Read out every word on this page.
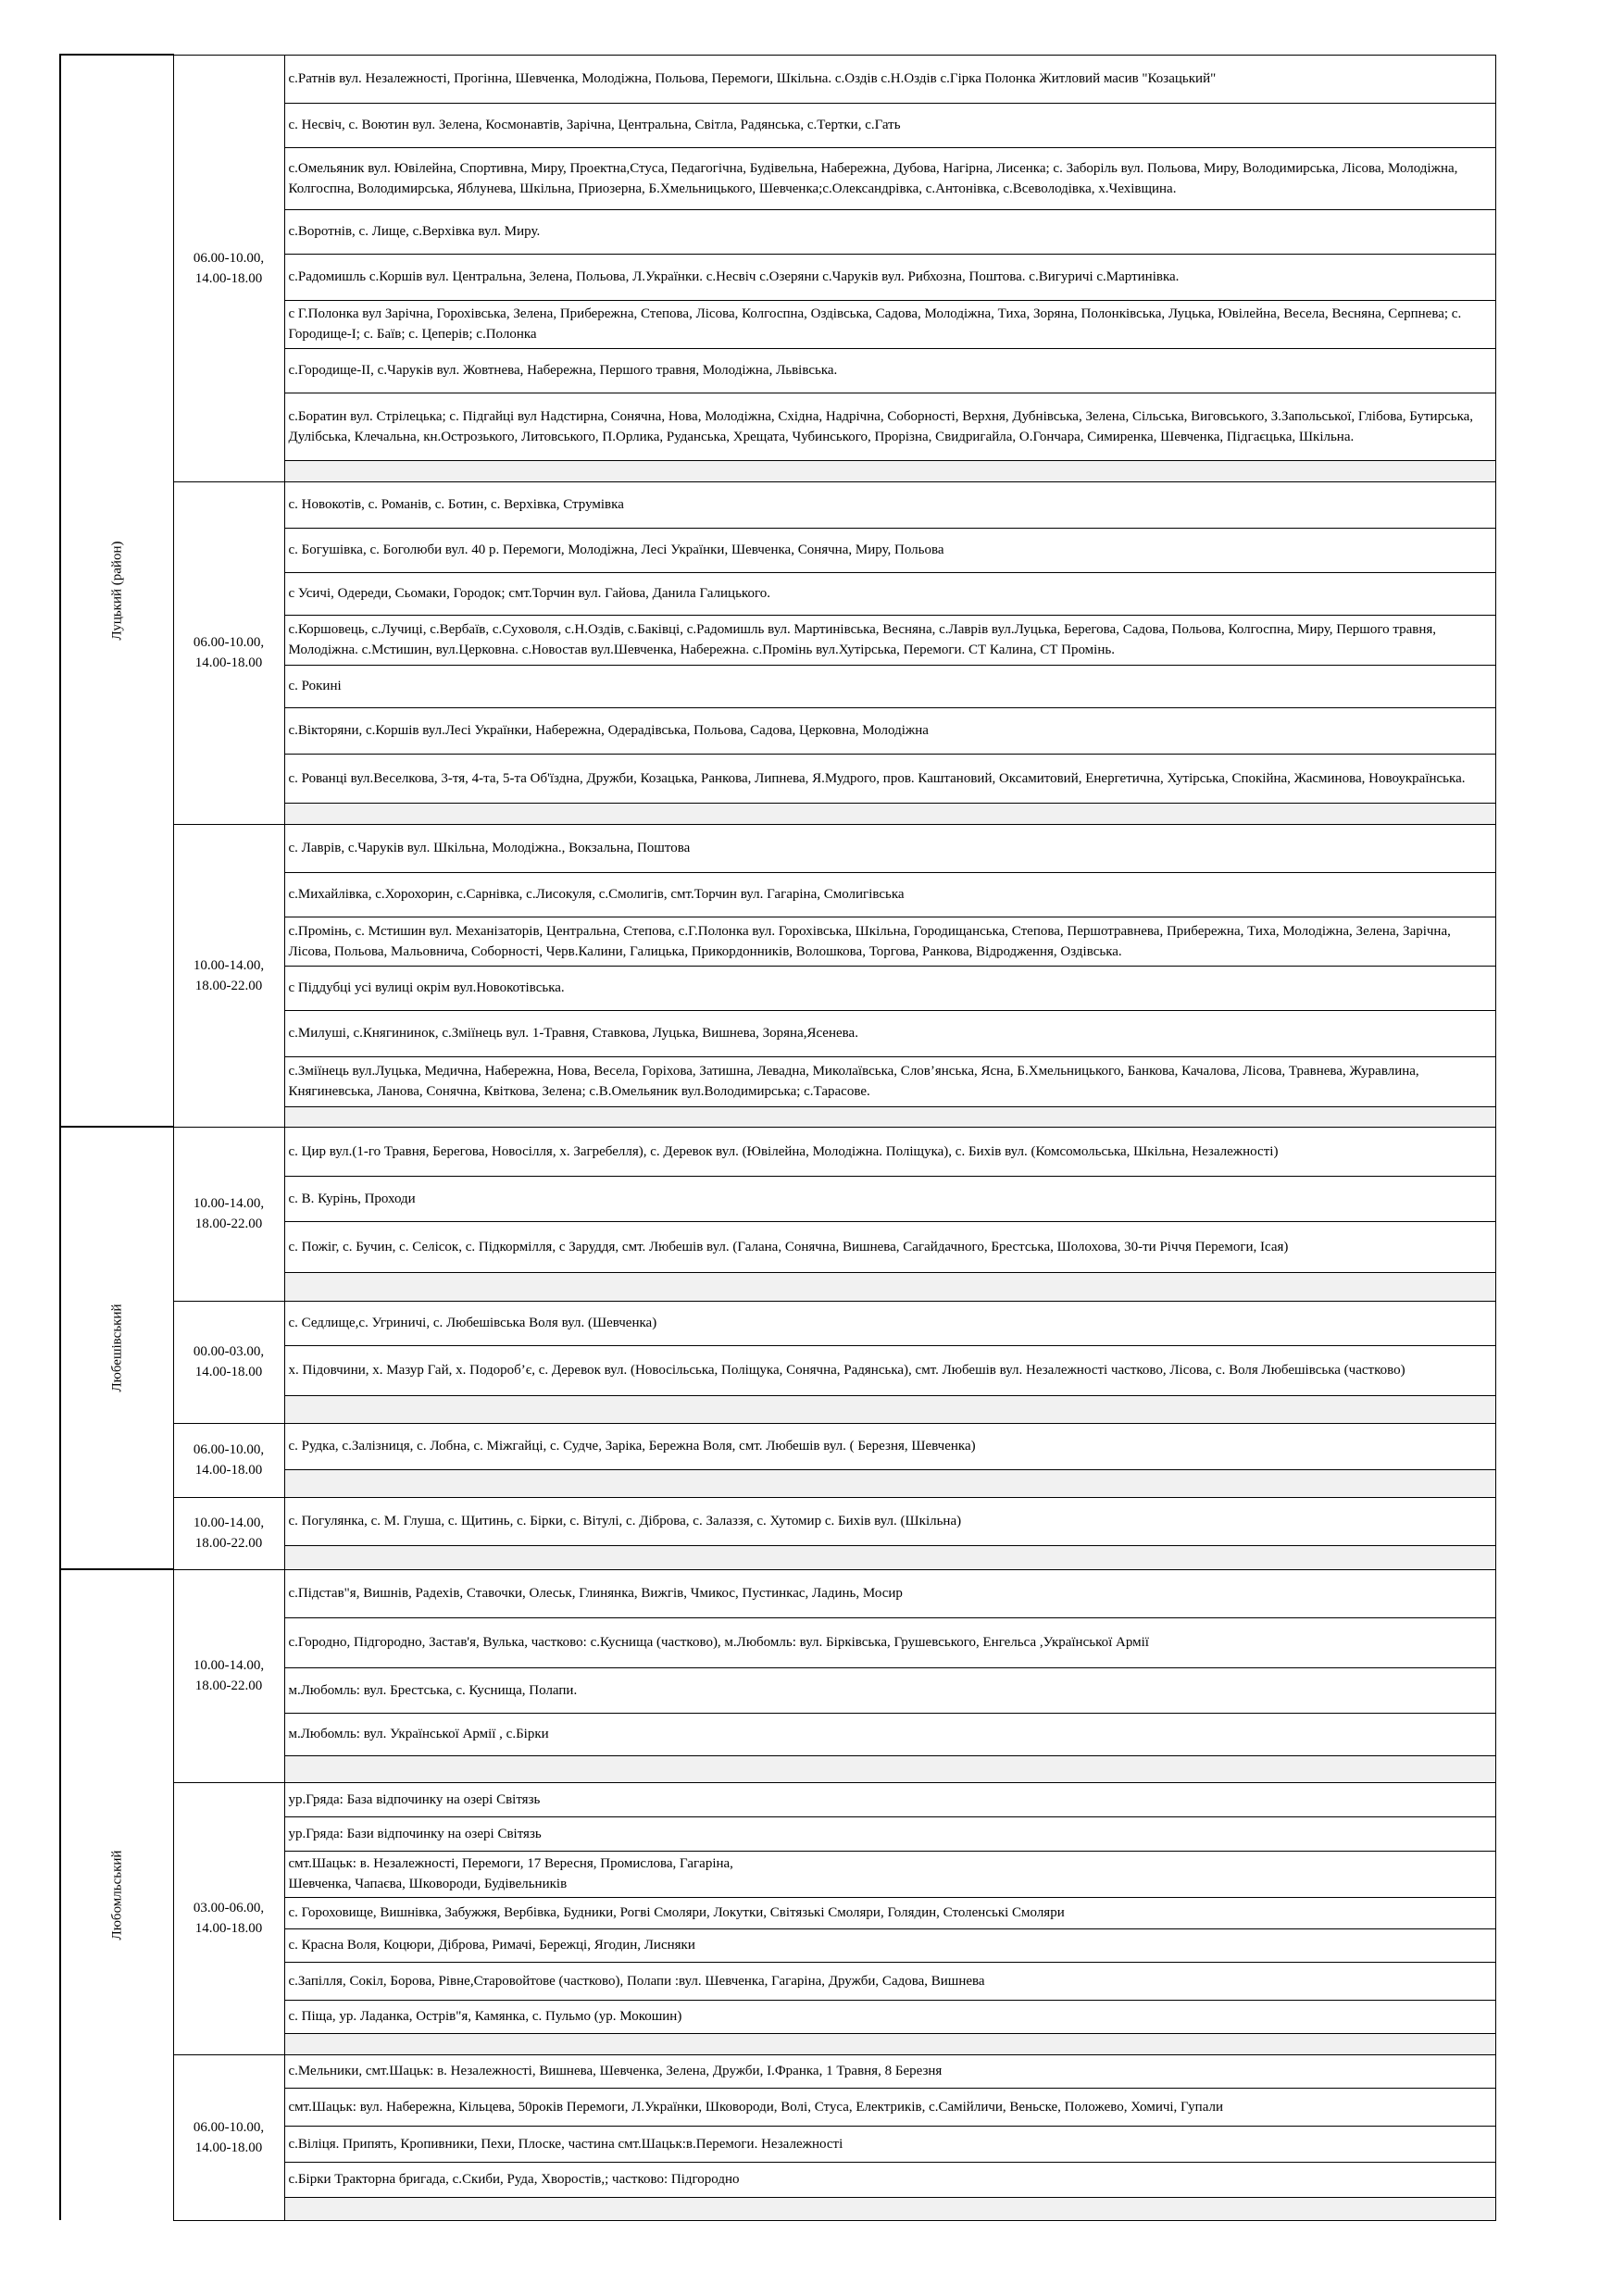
Луцький (район)	06.00-10.00,
14.00-18.00	с.Ратнів вул. Незалежності, Прогінна, Шевченка, Молодіжна, Польова, Перемоги, Шкільна. с.Оздів с.Н.Оздів с.Гірка Полонка Житловий масив "Козацький"

		с. Несвіч, с. Воютин вул. Зелена, Космонавтів, Зарічна, Центральна, Світла, Радянська, с.Тертки, с.Гать

		с.Омельяник вул. Ювілейна, Спортивна, Миру, Проектна,Стуса, Педагогічна, Будівельна, Набережна, Дубова, Нагірна, Лисенка; с. Заборіль вул. Польова, Миру, Володимирська, Лісова, Молодіжна, Колгоспна, Володимирська, Яблунева, Шкільна, Приозерна, Б.Хмельницького, Шевченка;с.Олександрівка, с.Антонівка, с.Всеволодівка, х.Чехівщина.

		с.Воротнів, с. Лище, с.Верхівка вул. Миру.

		с.Радомишль с.Коршів вул. Центральна, Зелена, Польова, Л.Українки. с.Несвіч с.Озеряни с.Чаруків вул. Рибхозна, Поштова. с.Вигуричі с.Мартинівка.

		с Г.Полонка вул Зарічна, Горохівська, Зелена, Прибережна, Степова, Лісова, Колгоспна, Оздівська, Садова, Молодіжна, Тиха, Зоряна, Полонківська, Луцька, Ювілейна, Весела, Весняна, Серпнева; с. Городище-І; с. Баїв; с. Цеперів; с.Полонка

		с.Городище-ІІ, с.Чаруків вул. Жовтнева, Набережна, Першого травня, Молодіжна, Львівська.

		с.Боратин вул. Стрілецька; с. Підгайці вул Надстирна, Сонячна, Нова, Молодіжна, Східна, Надрічна, Соборності, Верхня, Дубнівська, Зелена, Сільська, Виговського, З.Запольської, Глібова, Бутирська, Дулібська, Клечальна, кн.Острозького, Литовського, П.Орлика, Руданська, Хрещата, Чубинського, Прорізна, Свидригайла, О.Гончара, Симиренка, Шевченка, Підгаєцька, Шкільна.

	06.00-10.00,
14.00-18.00	с. Новокотів, с. Романів, с. Ботин, с. Верхівка, Струмівка

		с. Богушівка, с. Боголюби вул. 40 р. Перемоги, Молодіжна, Лесі Українки, Шевченка, Сонячна, Миру, Польова

		с Усичі, Одереди, Сьомаки, Городок; смт.Торчин вул. Гайова, Данила Галицького.

		с.Коршовець, с.Лучиці, с.Вербаїв, с.Суховоля, с.Н.Оздів, с.Баківці, с.Радомишль вул. Мартинівська, Весняна, с.Лаврів вул.Луцька, Берегова, Садова, Польова, Колгоспна, Миру, Першого травня, Молодіжна. с.Мстишин, вул.Церковна. с.Новостав вул.Шевченка, Набережна. с.Промінь вул.Хутірська, Перемоги. СТ Калина, СТ Промінь.

		с. Рокині

		с.Вікторяни, с.Коршів вул.Лесі Українки, Набережна, Одерадівська, Польова, Садова, Церковна, Молодіжна

		с. Рованці вул.Веселкова, 3-тя, 4-та, 5-та Об'їздна, Дружби, Козацька, Ранкова, Липнева, Я.Мудрого, пров. Каштановий, Оксамитовий, Енергетична, Хутірська, Спокійна, Жасминова, Новоукраїнська.

	10.00-14.00,
18.00-22.00	с. Лаврів, с.Чаруків вул. Шкільна, Молодіжна., Вокзальна, Поштова

		с.Михайлівка, с.Хорохорин, с.Сарнівка, с.Лисокуля, с.Смолигів, смт.Торчин вул. Гагаріна, Смолигівська

		с.Промінь, с. Мстишин вул. Механізаторів, Центральна, Степова, с.Г.Полонка вул. Горохівська, Шкільна, Городищанська, Степова, Першотравнева, Прибережна, Тиха, Молодіжна, Зелена, Зарічна, Лісова, Польова, Мальовнича, Соборності, Черв.Калини, Галицька, Прикордонників, Волошкова, Торгова, Ранкова, Відродження, Оздівська.

		с Піддубці усі вулиці окрім вул.Новокотівська.

		с.Милуші, с.Княгининок, с.Зміїнець вул. 1-Травня, Ставкова, Луцька, Вишнева, Зоряна,Ясенева.

		с.Зміїнець вул.Луцька, Медична, Набережна, Нова, Весела, Горіхова, Затишна, Левадна, Миколаївська, Слов’янська, Ясна, Б.Хмельницького, Банкова, Качалова, Лісова, Травнева, Журавлина, Княгиневська, Ланова, Сонячна, Квіткова, Зелена; с.В.Омельяник вул.Володимирська; с.Тарасове.

Любешівський	10.00-14.00,
18.00-22.00	с. Цир вул.(1-го Травня, Берегова, Новосілля, х. Загребелля), с. Деревок вул. (Ювілейна, Молодіжна. Поліщука), с. Бихів вул. (Комсомольська, Шкільна, Незалежності)

		с. В. Курінь, Проходи

		с. Пожіг, с. Бучин, с. Селісок, с. Підкормілля, с Заруддя, смт. Любешів вул. (Галана, Сонячна, Вишнева, Сагайдачного, Брестська, Шолохова, 30-ти Річчя Перемоги, Ісая)

	00.00-03.00,
14.00-18.00	с. Седлище,с. Угриничі, с. Любешівська Воля вул. (Шевченка)

		х. Підовчини, х. Мазур Гай, х. Подороб’є, с. Деревок вул. (Новосільська, Поліщука, Сонячна, Радянська), смт. Любешів вул. Незалежності частково, Лісова, с. Воля Любешівська (частково)

	06.00-10.00,
14.00-18.00	с. Рудка, с.Залізниця, с. Лобна, с. Міжгайці, с. Судче, Заріка, Бережна Воля, смт. Любешів вул. ( Березня, Шевченка)

	10.00-14.00,
18.00-22.00	с. Погулянка, с. М. Глуша, с. Щитинь, с. Бірки, с. Вітулі, с. Діброва, с. Залаззя, с. Хутомир с. Бихів вул. (Шкільна)

Любомльський	10.00-14.00,
18.00-22.00	с.Підстав"я, Вишнів, Радехів, Ставочки, Олеськ, Глинянка, Вижгів, Чмикос, Пустинкас, Ладинь, Мосир

		с.Городно, Підгородно, Застав'я, Вулька, частково: с.Куснища (частково), м.Любомль: вул. Бірківська, Грушевського, Енгельса ,Української Армії

		м.Любомль: вул. Брестська, с. Куснища, Полапи.

		м.Любомль: вул. Української Армії , с.Бірки

	03.00-06.00,
14.00-18.00	ур.Гряда: База відпочинку на озері Світязь

		ур.Гряда: Бази відпочинку на озері Світязь

		смт.Шацьк: в. Незалежності, Перемоги, 17 Вересня, Промислова, Гагаріна,
Шевченка, Чапаєва, Шковороди, Будівельників

		с. Гороховище, Вишнівка, Забужжя, Вербівка, Будники, Рогві Смоляри, Локутки, Світязькі Смоляри, Голядин, Столенські Смоляри

		с. Красна Воля, Коцюри, Діброва, Римачі, Бережці, Ягодин, Лисняки

		с.Запілля, Сокіл, Борова, Рівне,Старовойтове (частково), Полапи :вул. Шевченка, Гагаріна, Дружби, Садова, Вишнева

		с. Піща, ур. Ладанка, Острів"я, Камянка, с. Пульмо (ур. Мокошин)

	06.00-10.00,
14.00-18.00	с.Мельники, смт.Шацьк: в. Незалежності, Вишнева, Шевченка, Зелена, Дружби, І.Франка, 1 Травня, 8 Березня

		смт.Шацьк: вул. Набережна, Кільцева, 50років Перемоги, Л.Українки, Шковороди, Волі, Стуса, Електриків, с.Самійличи, Веньске, Положево, Хомичі, Гупали

		с.Віліця. Припять, Кропивники, Пехи, Плоске, частина смт.Шацьк:в.Перемоги. Незалежності

		с.Бірки Тракторна бригада, с.Скиби, Руда, Хворостів,; частково: Підгородно
